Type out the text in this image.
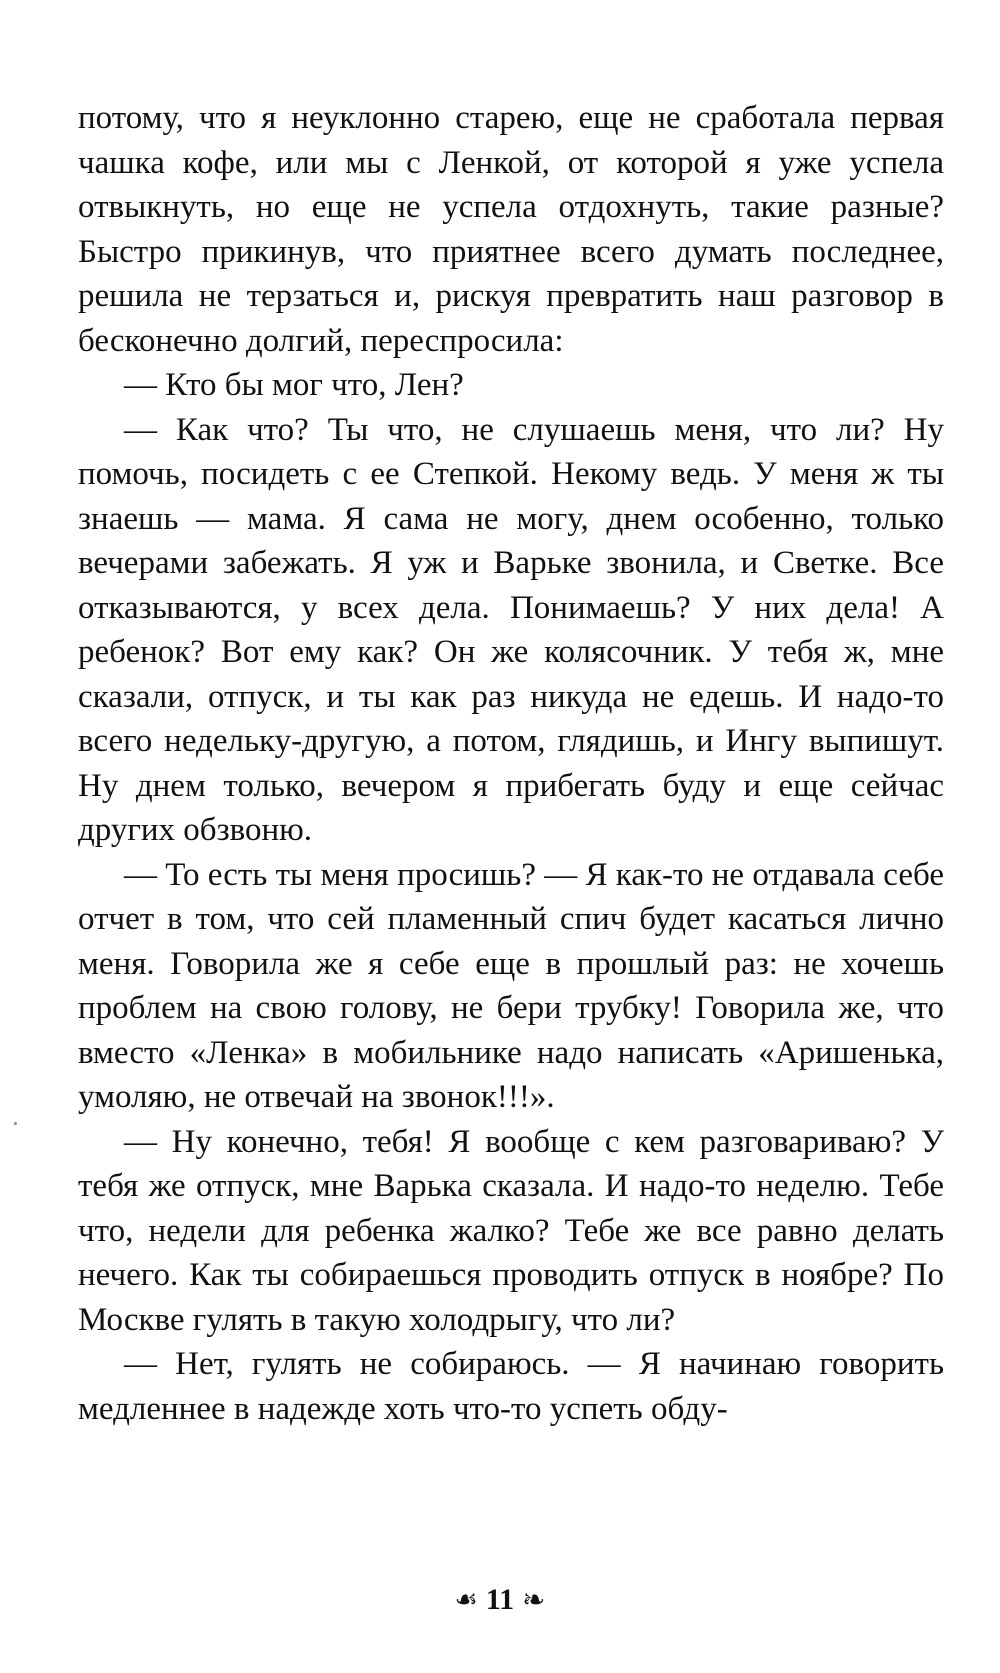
потому, что я неуклонно старею, еще не сработала первая чашка кофе, или мы с Ленкой, от которой я уже успела отвыкнуть, но еще не успела отдохнуть, такие разные? Быстро прикинув, что приятнее всего думать последнее, решила не терзаться и, рискуя превратить наш разговор в бесконечно долгий, переспросила:

— Кто бы мог что, Лен?

— Как что? Ты что, не слушаешь меня, что ли? Ну помочь, посидеть с ее Степкой. Некому ведь. У меня ж ты знаешь — мама. Я сама не могу, днем особенно, только вечерами забежать. Я уж и Варьке звонила, и Светке. Все отказываются, у всех дела. Понимаешь? У них дела! А ребенок? Вот ему как? Он же колясочник. У тебя ж, мне сказали, отпуск, и ты как раз никуда не едешь. И надо-то всего недельку-другую, а потом, глядишь, и Ингу выпишут. Ну днем только, вечером я прибегать буду и еще сейчас других обзвоню.

— То есть ты меня просишь? — Я как-то не отдавала себе отчет в том, что сей пламенный спич будет касаться лично меня. Говорила же я себе еще в прошлый раз: не хочешь проблем на свою голову, не бери трубку! Говорила же, что вместо «Ленка» в мобильнике надо написать «Аришенька, умоляю, не отвечай на звонок!!!».

— Ну конечно, тебя! Я вообще с кем разговариваю? У тебя же отпуск, мне Варька сказала. И надо-то неделю. Тебе что, недели для ребенка жалко? Тебе же все равно делать нечего. Как ты собираешься проводить отпуск в ноябре? По Москве гулять в такую холодрыгу, что ли?

— Нет, гулять не собираюсь. — Я начинаю говорить медленнее в надежде хоть что-то успеть обду-

☙ 11 ☙
